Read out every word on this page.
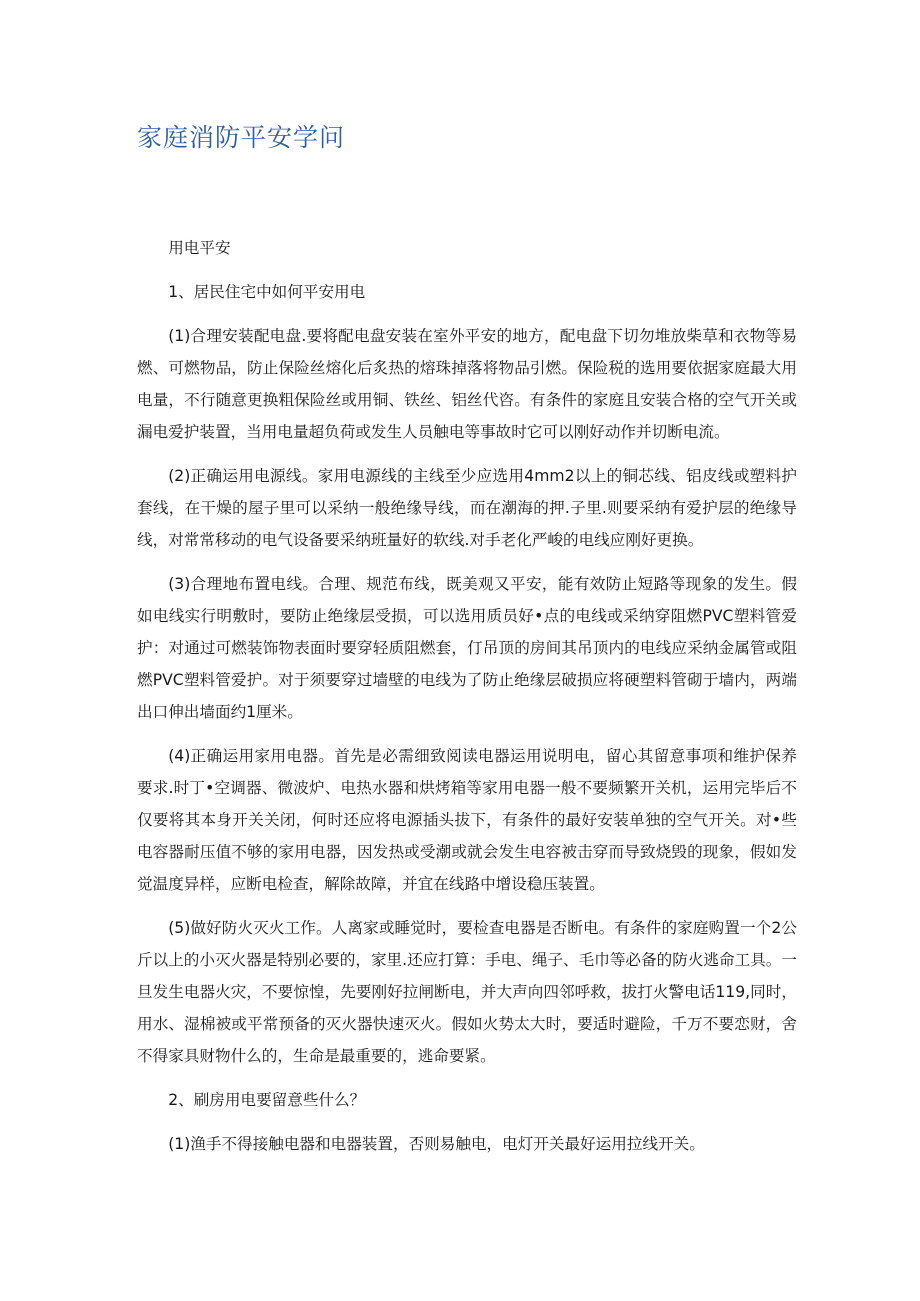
家庭消防平安学问

用电平安

1、居民住宅中如何平安用电

(1)合理安装配电盘.要将配电盘安装在室外平安的地方，配电盘下切勿堆放柴草和衣物等易燃、可燃物品，防止保险丝熔化后炙热的熔珠掉落将物品引燃。保险税的选用要依据家庭最大用电量，不行随意更换粗保险丝或用铜、铁丝、铝丝代咨。有条件的家庭且安装合格的空气开关或漏电爱护装置，当用电量超负荷或发生人员触电等事故时它可以刚好动作并切断电流。

(2)正确运用电源线。家用电源线的主线至少应选用4mm2以上的铜芯线、铝皮线或塑料护套线，在干燥的屋子里可以采纳一般绝缘导线，而在潮海的押.子里.则要采纳有爱护层的绝缘导线，对常常移动的电气设备要采纳班量好的软线.对手老化严峻的电线应刚好更换。

(3)合理地布置电线。合理、规范布线，既美观又平安，能有效防止短路等现象的发生。假如电线实行明敷时，要防止绝缘层受损，可以选用质员好•点的电线或采纳穿阻燃PVC塑料管爱护：对通过可燃装饰物表面时要穿轻质阻燃套，仃吊顶的房间其吊顶内的电线应采纳金属管或阻燃PVC塑料管爱护。对于须要穿过墙壁的电线为了防止绝缘层破损应将硬塑料管砌于墙内，两端出口伸出墙面约1厘米。

(4)正确运用家用电器。首先是必需细致阅读电器运用说明电，留心其留意事项和维护保养要求.时丁•空调器、微波炉、电热水器和烘烤箱等家用电器一般不要频繁开关机，运用完毕后不仅要将其本身开关关闭，何时还应将电源插头拔下，有条件的最好安装单独的空气开关。对•些电容器耐压值不够的家用电器，因发热或受潮或就会发生电容被击穿而导致烧毁的现象，假如发觉温度异样，应断电检查，解除故障，并宜在线路中增设稳压装置。

(5)做好防火灭火工作。人离家或睡觉时，要检查电器是否断电。有条件的家庭购置一个2公斤以上的小灭火器是特别必要的，家里.还应打算：手电、绳子、毛巾等必备的防火逃命工具。一旦发生电器火灾，不要惊惶，先要刚好拉闸断电，并大声向四邻呼救，拔打火警电话119,同时，用水、湿棉被或平常预备的灭火器快速灭火。假如火势太大时，要适时避险，千万不要恋财，舍不得家具财物什么的，生命是最重要的，逃命要紧。

2、刷房用电要留意些什么？

(1)渔手不得接触电器和电器装置，否则易触电，电灯开关最好运用拉线开关。
